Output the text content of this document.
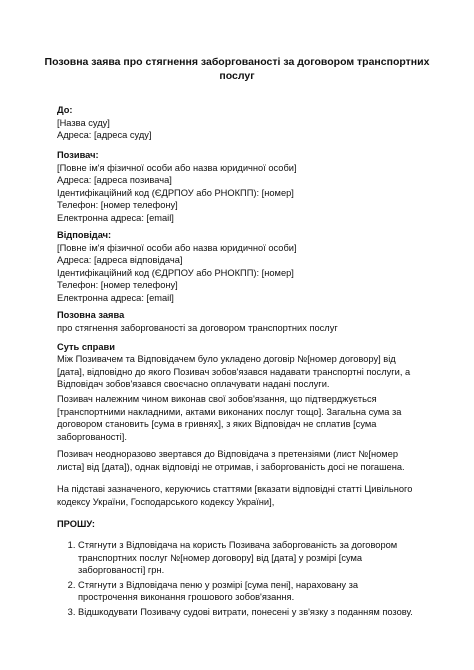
Позовна заява про стягнення заборгованості за договором транспортних послуг
До:
[Назва суду]
Адреса: [адреса суду]
Позивач:
[Повне ім'я фізичної особи або назва юридичної особи]
Адреса: [адреса позивача]
Ідентифікаційний код (ЄДРПОУ або РНОКПП): [номер]
Телефон: [номер телефону]
Електронна адреса: [email]
Відповідач:
[Повне ім'я фізичної особи або назва юридичної особи]
Адреса: [адреса відповідача]
Ідентифікаційний код (ЄДРПОУ або РНОКПП): [номер]
Телефон: [номер телефону]
Електронна адреса: [email]
Позовна заява
про стягнення заборгованості за договором транспортних послуг
Суть справи

Між Позивачем та Відповідачем було укладено договір №[номер договору] від [дата], відповідно до якого Позивач зобов'язався надавати транспортні послуги, а Відповідач зобов'язався своєчасно оплачувати надані послуги.

Позивач належним чином виконав свої зобов'язання, що підтверджується [транспортними накладними, актами виконаних послуг тощо]. Загальна сума за договором становить [сума в гривнях], з яких Відповідач не сплатив [сума заборгованості].

Позивач неодноразово звертався до Відповідача з претензіями (лист №[номер листа] від [дата]), однак відповіді не отримав, і заборгованість досі не погашена.

На підставі зазначеного, керуючись статтями [вказати відповідні статті Цивільного кодексу України, Господарського кодексу України],

ПРОШУ:
1. Стягнути з Відповідача на користь Позивача заборгованість за договором транспортних послуг №[номер договору] від [дата] у розмірі [сума заборгованості] грн.
2. Стягнути з Відповідача пеню у розмірі [сума пені], нараховану за прострочення виконання грошового зобов'язання.
3. Відшкодувати Позивачу судові витрати, понесені у зв'язку з поданням позову.
